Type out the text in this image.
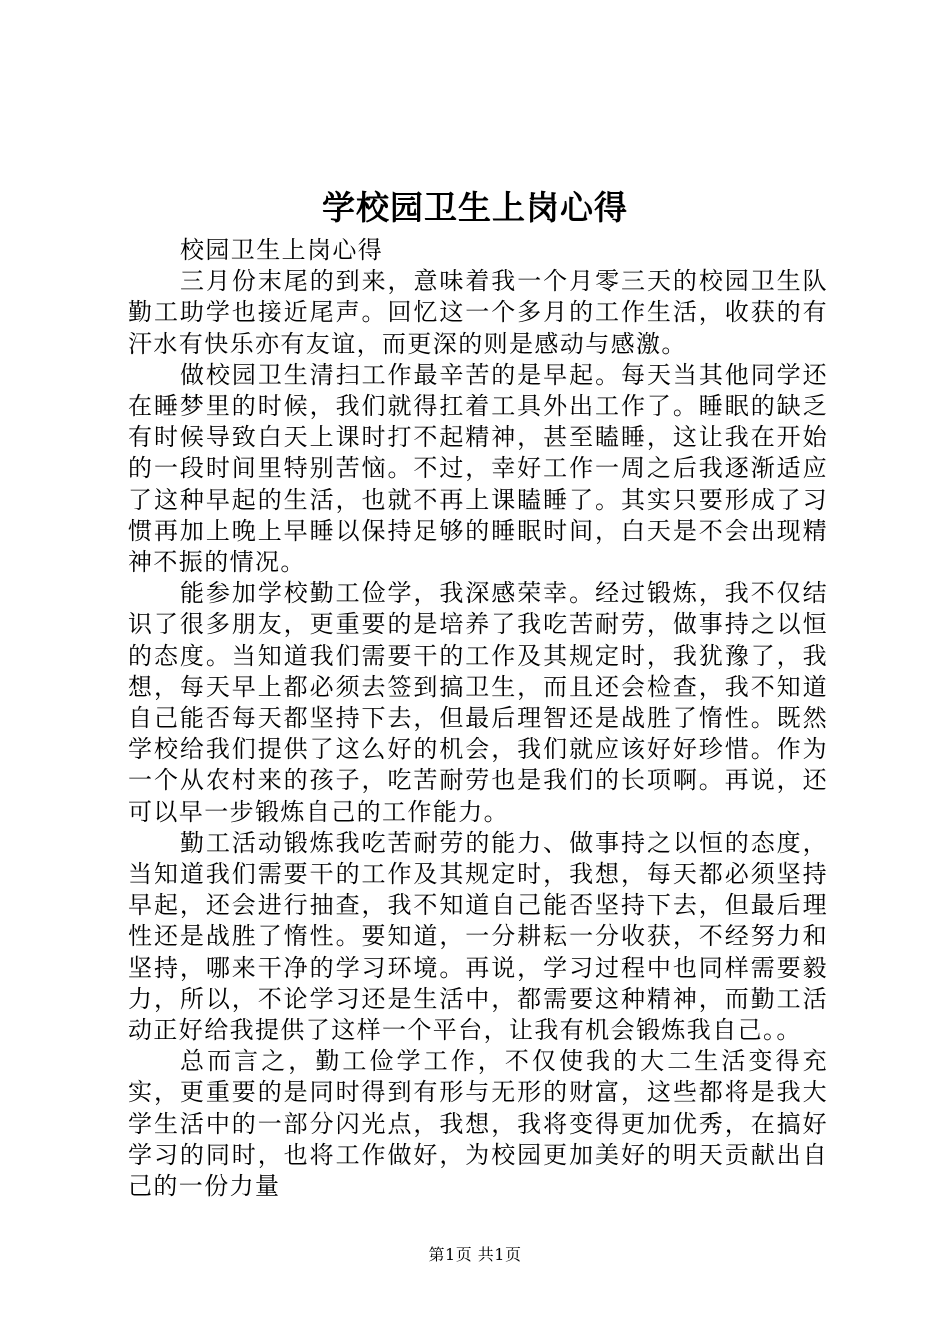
学校园卫生上岗心得

校园卫生上岗心得

三月份末尾的到来，意味着我一个月零三天的校园卫生队勤工助学也接近尾声。回忆这一个多月的工作生活，收获的有汗水有快乐亦有友谊，而更深的则是感动与感激。

做校园卫生清扫工作最辛苦的是早起。每天当其他同学还在睡梦里的时候，我们就得扛着工具外出工作了。睡眠的缺乏有时候导致白天上课时打不起精神，甚至瞌睡，这让我在开始的一段时间里特别苦恼。不过，幸好工作一周之后我逐渐适应了这种早起的生活，也就不再上课瞌睡了。其实只要形成了习惯再加上晚上早睡以保持足够的睡眠时间，白天是不会出现精神不振的情况。

能参加学校勤工俭学，我深感荣幸。经过锻炼，我不仅结识了很多朋友，更重要的是培养了我吃苦耐劳，做事持之以恒的态度。当知道我们需要干的工作及其规定时，我犹豫了，我想，每天早上都必须去签到搞卫生，而且还会检查，我不知道自己能否每天都坚持下去，但最后理智还是战胜了惰性。既然学校给我们提供了这么好的机会，我们就应该好好珍惜。作为一个从农村来的孩子，吃苦耐劳也是我们的长项啊。再说，还可以早一步锻炼自己的工作能力。

勤工活动锻炼我吃苦耐劳的能力、做事持之以恒的态度，当知道我们需要干的工作及其规定时，我想，每天都必须坚持早起，还会进行抽查，我不知道自己能否坚持下去，但最后理性还是战胜了惰性。要知道，一分耕耘一分收获，不经努力和坚持，哪来干净的学习环境。再说，学习过程中也同样需要毅力，所以，不论学习还是生活中，都需要这种精神，而勤工活动正好给我提供了这样一个平台，让我有机会锻炼我自己。。

总而言之，勤工俭学工作，不仅使我的大二生活变得充实，更重要的是同时得到有形与无形的财富，这些都将是我大学生活中的一部分闪光点，我想，我将变得更加优秀，在搞好学习的同时，也将工作做好，为校园更加美好的明天贡献出自己的一份力量

第1页 共1页
